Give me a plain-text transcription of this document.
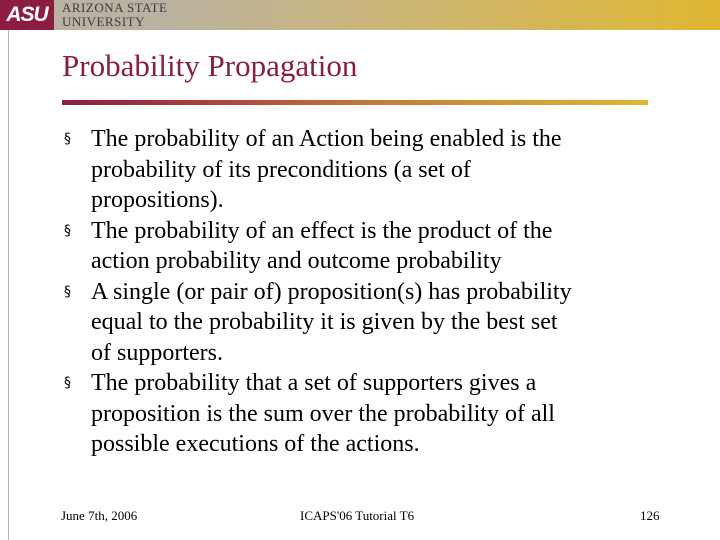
ASU	ARIZONA STATE
UNIVERSITY
Probability Propagation
§ The probability of an Action being enabled is the
probability of its preconditions (a set of
propositions).
§ The probability of an effect is the product of the
action probability and outcome probability
§ A single (or pair of) proposition(s) has probability
equal to the probability it is given by the best set
of supporters.
§ The probability that a set of supporters gives a
proposition is the sum over the probability of all
possible executions of the actions.
June 7th, 2006	ICAPS'06 Tutorial T6	126
